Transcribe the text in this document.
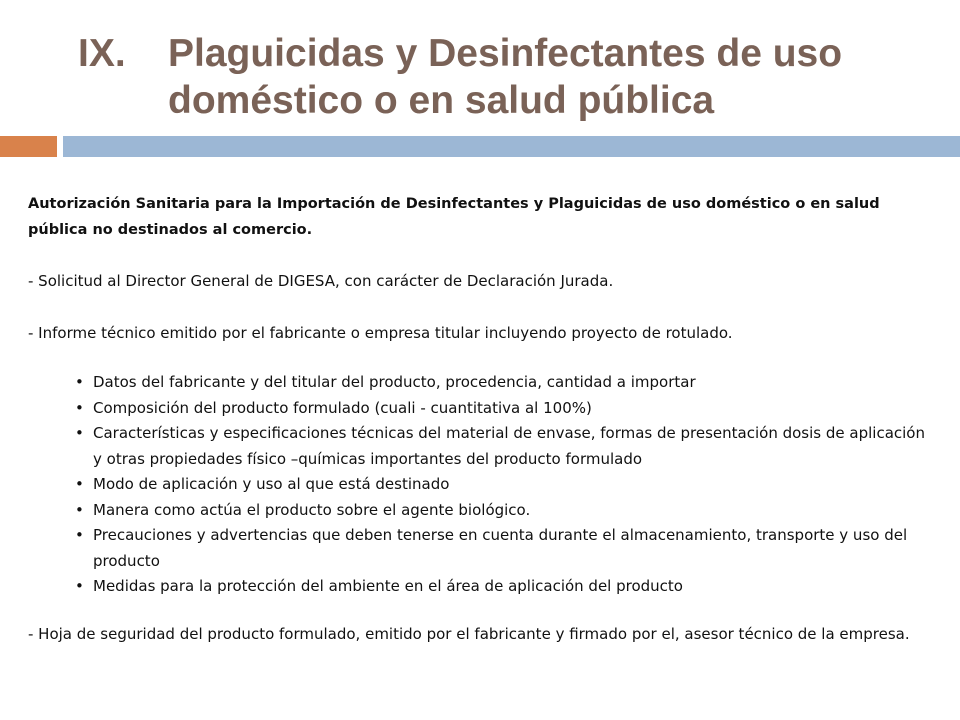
IX.	Plaguicidas y Desinfectantes de uso
doméstico o en salud pública
Autorización Sanitaria para la Importación de Desinfectantes y Plaguicidas de uso doméstico o en salud pública no destinados al comercio.
- Solicitud al Director General de DIGESA, con carácter de Declaración Jurada.
- Informe técnico emitido por el fabricante o empresa titular incluyendo proyecto de rotulado.
• Datos del fabricante y del titular del producto, procedencia, cantidad a importar
• Composición del producto formulado (cuali - cuantitativa al 100%)
• Características y especificaciones técnicas del material de envase, formas de presentación dosis de aplicación y otras propiedades físico –químicas importantes del producto formulado
• Modo de aplicación y uso al que está destinado
• Manera como actúa el producto sobre el agente biológico.
• Precauciones y advertencias que deben tenerse en cuenta durante el almacenamiento, transporte y uso del producto
• Medidas para la protección del ambiente en el área de aplicación del producto
- Hoja de seguridad del producto formulado, emitido por el fabricante y firmado por el, asesor técnico de la empresa.
